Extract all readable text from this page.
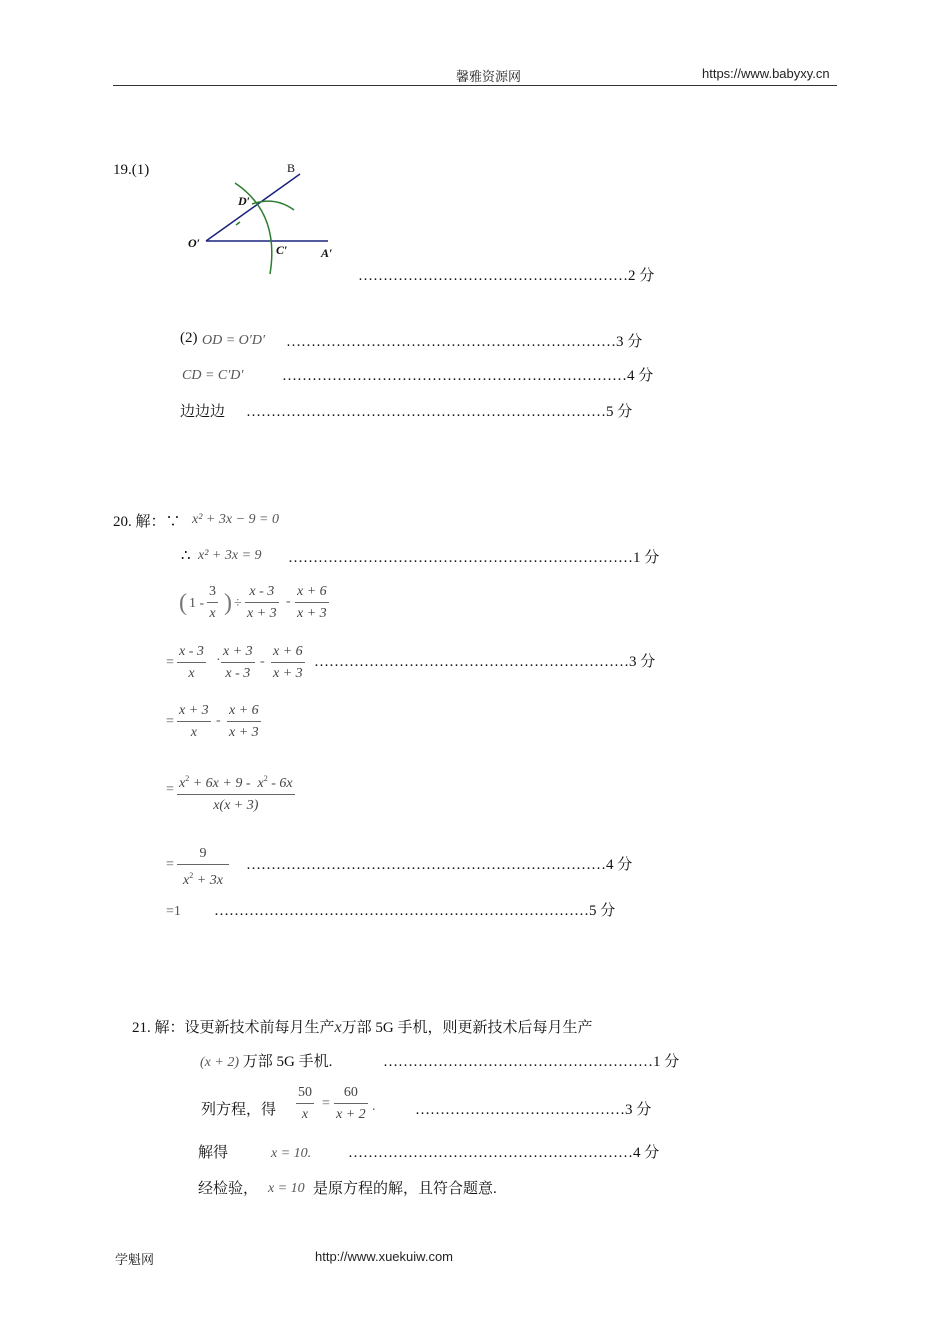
馨雅资源网	https://www.babyxy.cn
19.(1)	B
D′
O′	C′	A′
………………………………………………2 分
(2) OD = O′D′ …………………………………………………………3 分
CD = C′D′	……………………………………………………………4 分
边边边 ………………………………………………………………5 分
20. 解：∵ x² + 3x − 9 = 0
∴ x² + 3x = 9 ……………………………………………………………1 分
( $1 - \frac{3}{x}$ ) ÷ $\frac{x - 3}{x + 3} - \frac{x + 6}{x + 3}$
= $\frac{x - 3}{x} \cdot \frac{x + 3}{x - 3} - \frac{x + 6}{x + 3}$ ………………………………………………………3 分
= $\frac{x + 3}{x} - \frac{x + 6}{x + 3}$
= $\frac{x^2 + 6x + 9 - x^2 - 6x}{x(x + 3)}$
= $\frac{9}{x^2 + 3x}$ ………………………………………………………………4 分
=1 …………………………………………………………………5 分
21. 解：设更新技术前每月生产x万部 5G 手机，则更新技术后每月生产
(x + 2) 万部 5G 手机.	………………………………………………1 分
列方程，得 $\frac{50}{x} = \frac{60}{x + 2}$ .	……………………………………3 分
解得	x = 10. …………………………………………………4 分
经检验， x = 10 是原方程的解，且符合题意.
学魁网	http://www.xuekuiw.com
